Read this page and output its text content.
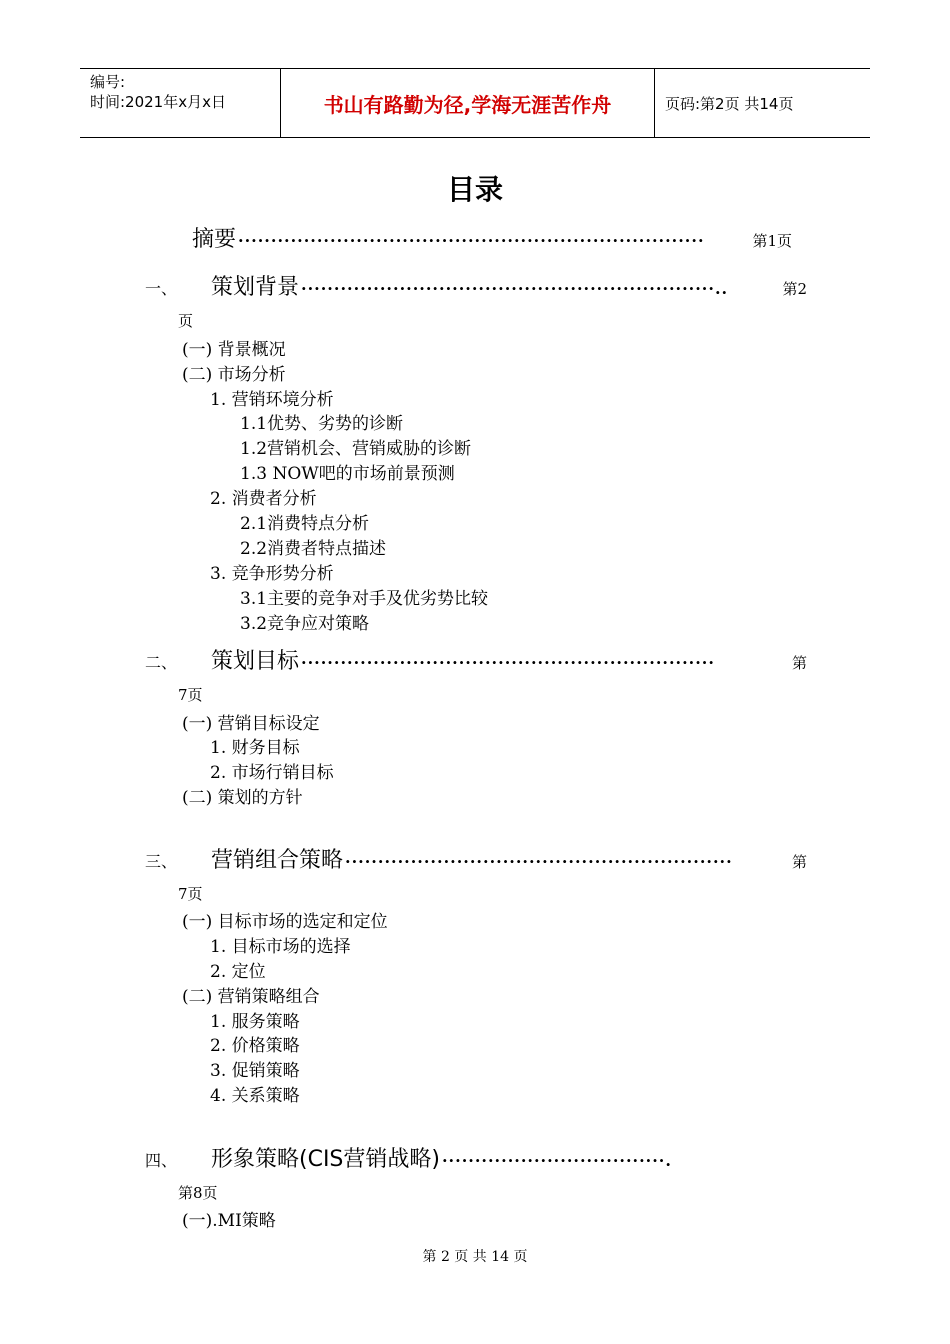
编号:
时间:2021年x月x日	书山有路勤为径,学海无涯苦作舟	页码:第2页 共14页
目录
摘要 ·······································································	第1页
一、	策划背景 ·······························································..	第2
页
(一) 背景概况
(二) 市场分析
1. 营销环境分析
1.1优势、劣势的诊断
1.2营销机会、营销威胁的诊断
1.3 NOW吧的市场前景预测
2. 消费者分析
2.1消费特点分析
2.2消费者特点描述
3. 竞争形势分析
3.1主要的竞争对手及优劣势比较
3.2竞争应对策略
二、	策划目标 ·······························································	第
7页
(一) 营销目标设定
1. 财务目标
2. 市场行销目标
(二) 策划的方针
三、	营销组合策略 ···························································	第
7页
(一) 目标市场的选定和定位
1. 目标市场的选择
2. 定位
(二) 营销策略组合
1. 服务策略
2. 价格策略
3. 促销策略
4. 关系策略
四、	形象策略(CIS营销战略) ··································.
第8页
(一).MI策略
第 2 页 共 14 页
